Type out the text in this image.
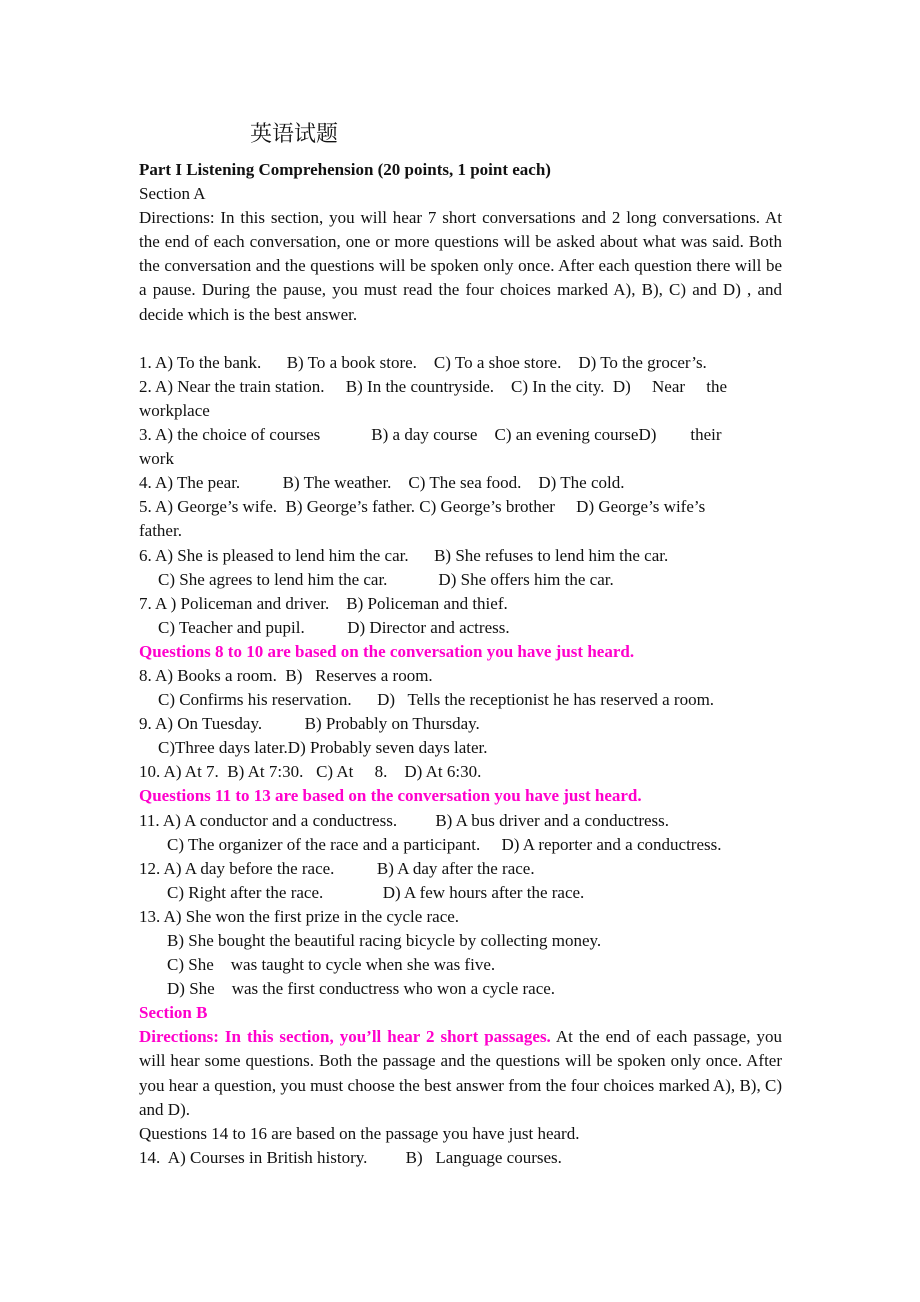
英语试题
Part I Listening Comprehension (20 points, 1 point each)
Section A
Directions: In this section, you will hear 7 short conversations and 2 long conversations. At the end of each conversation, one or more questions will be asked about what was said. Both the conversation and the questions will be spoken only once. After each question there will be a pause. During the pause, you must read the four choices marked A), B), C) and D) , and decide which is the best answer.
1. A) To the bank.      B) To a book store.    C) To a shoe store.    D) To the grocer’s.
2. A) Near the train station.     B) In the countryside.    C) In the city.  D)     Near     the
workplace
3. A) the choice of courses            B) a day course    C) an evening courseD)        their
work
4. A) The pear.          B) The weather.    C) The sea food.    D) The cold.
5. A) George’s wife.  B) George’s father. C) George’s brother     D) George’s wife’s
father.
6. A) She is pleased to lend him the car.      B) She refuses to lend him the car.
C) She agrees to lend him the car.            D) She offers him the car.
7. A ) Policeman and driver.    B) Policeman and thief.
C) Teacher and pupil.          D) Director and actress.
Questions 8 to 10 are based on the conversation you have just heard.
8. A) Books a room.  B)   Reserves a room.
C) Confirms his reservation.      D)   Tells the receptionist he has reserved a room.
9. A) On Tuesday.          B) Probably on Thursday.
C)Three days later.D) Probably seven days later.
10. A) At 7.  B) At 7:30.   C) At     8.    D) At 6:30.
Questions 11 to 13 are based on the conversation you have just heard.
11. A) A conductor and a conductress.         B) A bus driver and a conductress.
C) The organizer of the race and a participant.     D) A reporter and a conductress.
12. A) A day before the race.          B) A day after the race.
C) Right after the race.              D) A few hours after the race.
13. A) She won the first prize in the cycle race.
B) She bought the beautiful racing bicycle by collecting money.
C) She    was taught to cycle when she was five.
D) She    was the first conductress who won a cycle race.
Section B
Directions: In this section, you’ll hear 2 short passages. At the end of each passage, you will hear some questions. Both the passage and the questions will be spoken only once. After you hear a question, you must choose the best answer from the four choices marked A), B), C) and D).
Questions 14 to 16 are based on the passage you have just heard.
14.  A) Courses in British history.         B)   Language courses.
